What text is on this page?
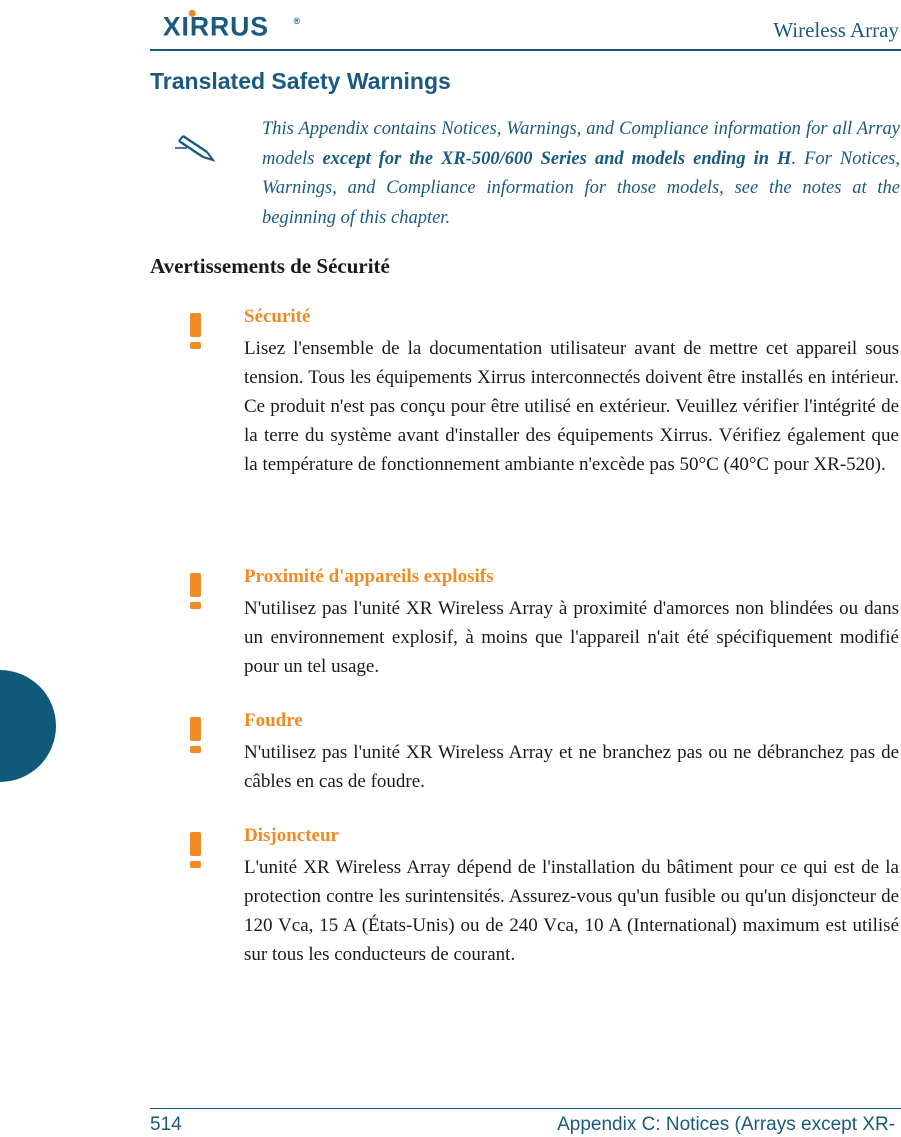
XIRRUS ®	Wireless Array
Translated Safety Warnings
This Appendix contains Notices, Warnings, and Compliance information for all Array models except for the XR-500/600 Series and models ending in H. For Notices, Warnings, and Compliance information for those models, see the notes at the beginning of this chapter.
Avertissements de Sécurité
Sécurité
Lisez l'ensemble de la documentation utilisateur avant de mettre cet appareil sous tension. Tous les équipements Xirrus interconnectés doivent être installés en intérieur. Ce produit n'est pas conçu pour être utilisé en extérieur. Veuillez vérifier l'intégrité de la terre du système avant d'installer des équipements Xirrus. Vérifiez également que la température de fonctionnement ambiante n'excède pas 50°C (40°C pour XR-520).
Proximité d'appareils explosifs
N'utilisez pas l'unité XR Wireless Array à proximité d'amorces non blindées ou dans un environnement explosif, à moins que l'appareil n'ait été spécifiquement modifié pour un tel usage.
Foudre
N'utilisez pas l'unité XR Wireless Array et ne branchez pas ou ne débranchez pas de câbles en cas de foudre.
Disjoncteur
L'unité XR Wireless Array dépend de l'installation du bâtiment pour ce qui est de la protection contre les surintensités. Assurez-vous qu'un fusible ou qu'un disjoncteur de 120 Vca, 15 A (États-Unis) ou de 240 Vca, 10 A (International) maximum est utilisé sur tous les conducteurs de courant.
514	Appendix C: Notices (Arrays except XR-
